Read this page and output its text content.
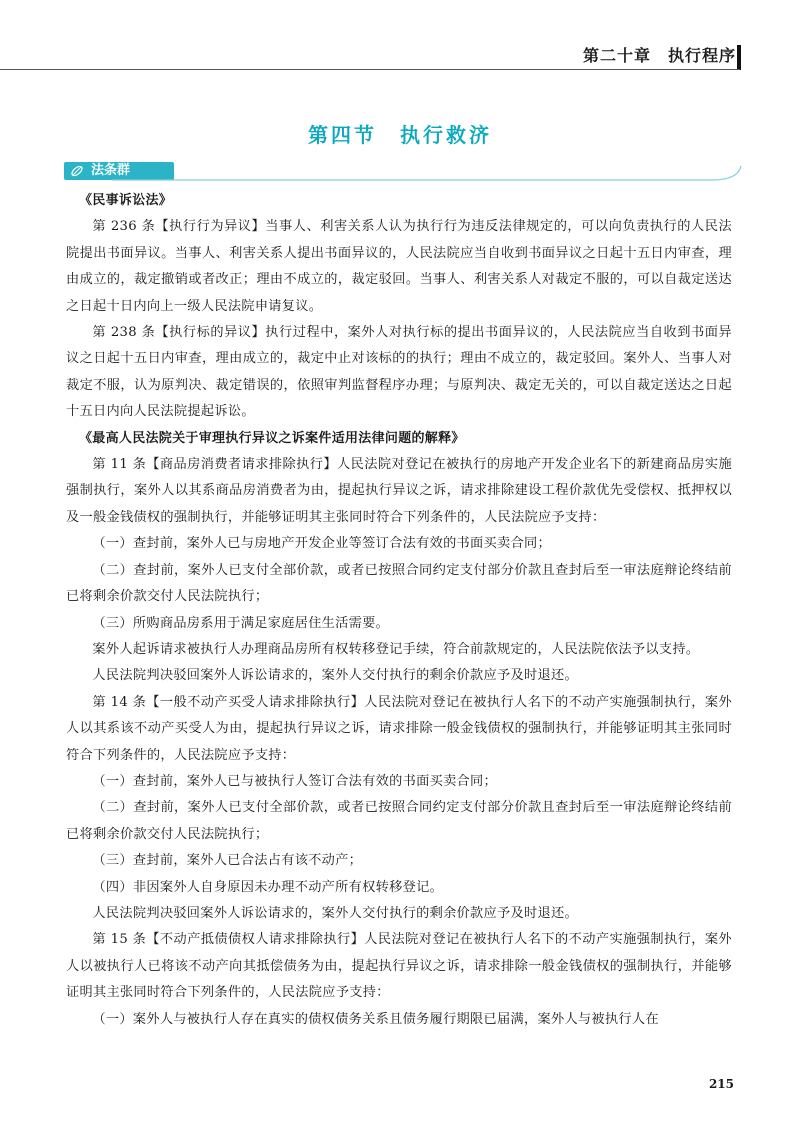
第二十章　执行程序
第四节　执行救济
法条群

《民事诉讼法》

第 236 条【执行行为异议】当事人、利害关系人认为执行行为违反法律规定的，可以向负责执行的人民法院提出书面异议。当事人、利害关系人提出书面异议的，人民法院应当自收到书面异议之日起十五日内审查，理由成立的，裁定撤销或者改正；理由不成立的，裁定驳回。当事人、利害关系人对裁定不服的，可以自裁定送达之日起十日内向上一级人民法院申请复议。

第 238 条【执行标的异议】执行过程中，案外人对执行标的提出书面异议的，人民法院应当自收到书面异议之日起十五日内审查，理由成立的，裁定中止对该标的的执行；理由不成立的，裁定驳回。案外人、当事人对裁定不服，认为原判决、裁定错误的，依照审判监督程序办理；与原判决、裁定无关的，可以自裁定送达之日起十五日内向人民法院提起诉讼。

《最高人民法院关于审理执行异议之诉案件适用法律问题的解释》

第 11 条【商品房消费者请求排除执行】人民法院对登记在被执行的房地产开发企业名下的新建商品房实施强制执行，案外人以其系商品房消费者为由，提起执行异议之诉，请求排除建设工程价款优先受偿权、抵押权以及一般金钱债权的强制执行，并能够证明其主张同时符合下列条件的，人民法院应予支持：

（一）查封前，案外人已与房地产开发企业等签订合法有效的书面买卖合同；

（二）查封前，案外人已支付全部价款，或者已按照合同约定支付部分价款且查封后至一审法庭辩论终结前已将剩余价款交付人民法院执行；

（三）所购商品房系用于满足家庭居住生活需要。

案外人起诉请求被执行人办理商品房所有权转移登记手续，符合前款规定的，人民法院依法予以支持。

人民法院判决驳回案外人诉讼请求的，案外人交付执行的剩余价款应予及时退还。

第 14 条【一般不动产买受人请求排除执行】人民法院对登记在被执行人名下的不动产实施强制执行，案外人以其系该不动产买受人为由，提起执行异议之诉，请求排除一般金钱债权的强制执行，并能够证明其主张同时符合下列条件的，人民法院应予支持：

（一）查封前，案外人已与被执行人签订合法有效的书面买卖合同；

（二）查封前，案外人已支付全部价款，或者已按照合同约定支付部分价款且查封后至一审法庭辩论终结前已将剩余价款交付人民法院执行；

（三）查封前，案外人已合法占有该不动产；

（四）非因案外人自身原因未办理不动产所有权转移登记。

人民法院判决驳回案外人诉讼请求的，案外人交付执行的剩余价款应予及时退还。

第 15 条【不动产抵债债权人请求排除执行】人民法院对登记在被执行人名下的不动产实施强制执行，案外人以被执行人已将该不动产向其抵偿债务为由，提起执行异议之诉，请求排除一般金钱债权的强制执行，并能够证明其主张同时符合下列条件的，人民法院应予支持：

（一）案外人与被执行人存在真实的债权债务关系且债务履行期限已届满，案外人与被执行人在

215
